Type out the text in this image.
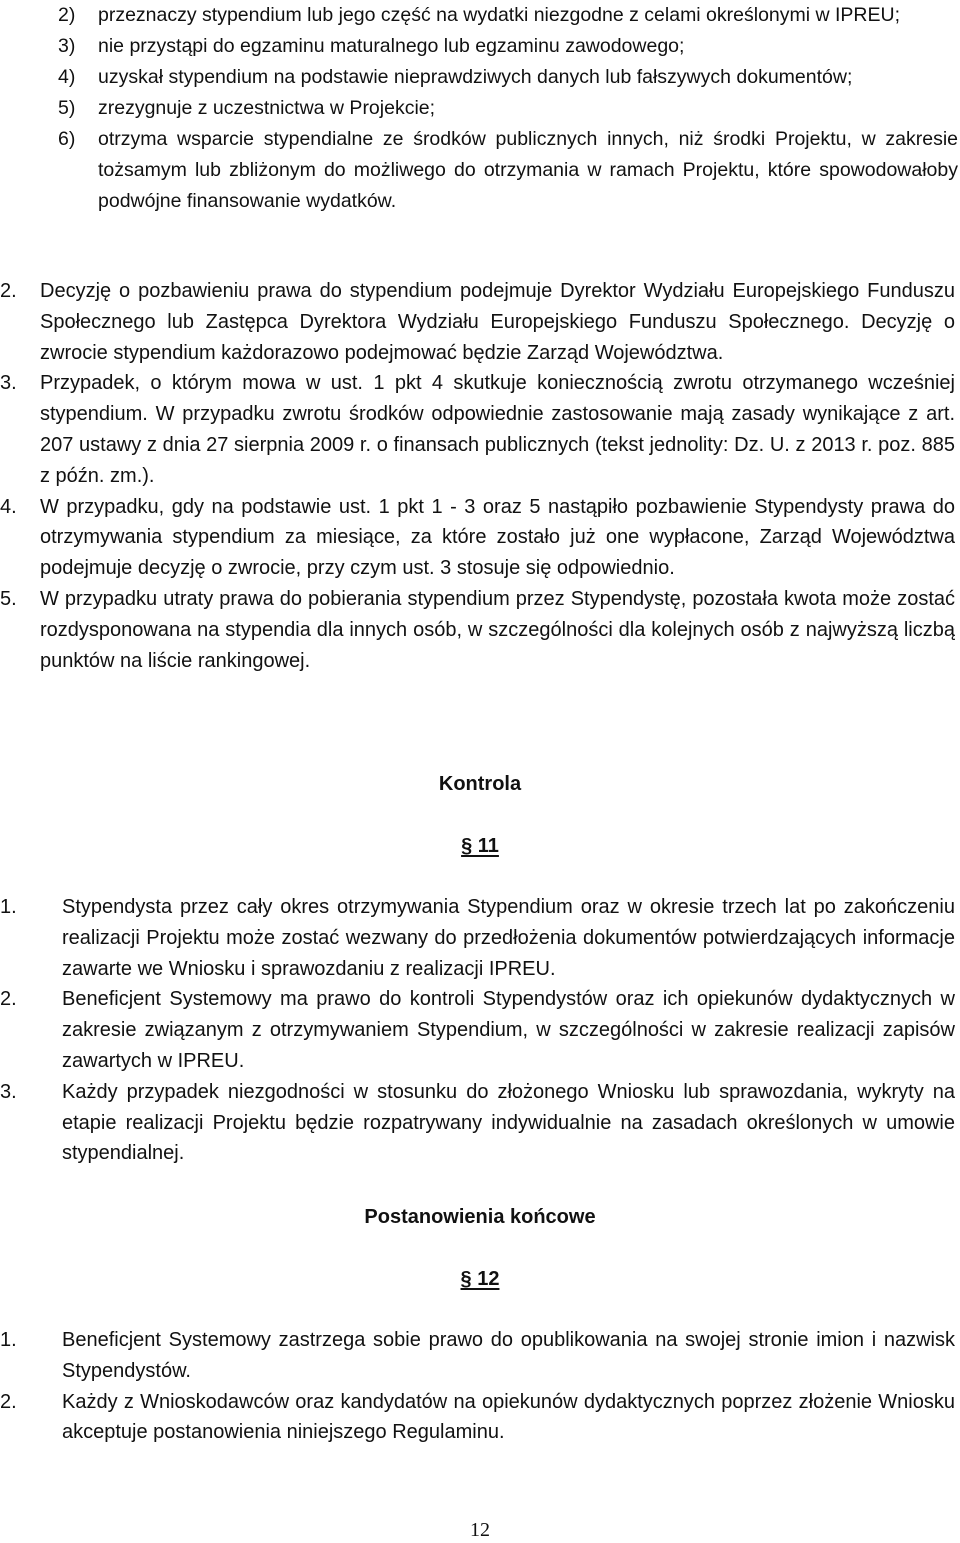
2)	przeznaczy stypendium lub jego część na wydatki niezgodne z celami określonymi w IPREU;
3)	nie przystąpi do egzaminu maturalnego lub egzaminu zawodowego;
4)	uzyskał stypendium na podstawie nieprawdziwych danych lub fałszywych dokumentów;
5)	zrezygnuje z uczestnictwa w Projekcie;
6)	otrzyma wsparcie stypendialne ze środków publicznych innych, niż środki Projektu, w zakresie tożsamym lub zbliżonym do możliwego do otrzymania w ramach Projektu, które spowodowałoby podwójne finansowanie wydatków.
2.	Decyzję o pozbawieniu prawa do stypendium podejmuje Dyrektor Wydziału Europejskiego Funduszu Społecznego lub Zastępca Dyrektora Wydziału Europejskiego Funduszu Społecznego. Decyzję o zwrocie stypendium każdorazowo podejmować będzie Zarząd Województwa.
3.	Przypadek, o którym mowa w ust. 1 pkt 4 skutkuje koniecznością zwrotu otrzymanego wcześniej stypendium. W przypadku zwrotu środków odpowiednie zastosowanie mają zasady wynikające z art. 207 ustawy z dnia 27 sierpnia 2009 r. o finansach publicznych (tekst jednolity: Dz. U. z 2013 r. poz. 885 z późn. zm.).
4.	W przypadku, gdy na podstawie ust. 1 pkt 1 - 3 oraz 5 nastąpiło pozbawienie Stypendysty prawa do otrzymywania stypendium za miesiące, za które zostało już one wypłacone, Zarząd Województwa podejmuje decyzję o zwrocie, przy czym ust. 3 stosuje się odpowiednio.
5.	W przypadku utraty prawa do pobierania stypendium przez Stypendystę, pozostała kwota może zostać rozdysponowana na stypendia dla innych osób, w szczególności dla kolejnych osób z najwyższą liczbą punktów na liście rankingowej.
Kontrola
§ 11
1.	Stypendysta przez cały okres otrzymywania Stypendium oraz w okresie trzech lat po zakończeniu realizacji Projektu może zostać wezwany do przedłożenia dokumentów potwierdzających informacje zawarte we Wniosku i sprawozdaniu z realizacji IPREU.
2.	Beneficjent Systemowy ma prawo do kontroli Stypendystów oraz ich opiekunów dydaktycznych w zakresie związanym z otrzymywaniem Stypendium, w szczególności w zakresie realizacji zapisów zawartych w IPREU.
3.	Każdy przypadek niezgodności w stosunku do złożonego Wniosku lub sprawozdania, wykryty na etapie realizacji Projektu będzie rozpatrywany indywidualnie na zasadach określonych w umowie stypendialnej.
Postanowienia końcowe
§ 12
1.	Beneficjent Systemowy zastrzega sobie prawo do opublikowania na swojej stronie imion i nazwisk Stypendystów.
2.	Każdy z Wnioskodawców oraz kandydatów na opiekunów dydaktycznych poprzez złożenie Wniosku akceptuje postanowienia niniejszego Regulaminu.
12
